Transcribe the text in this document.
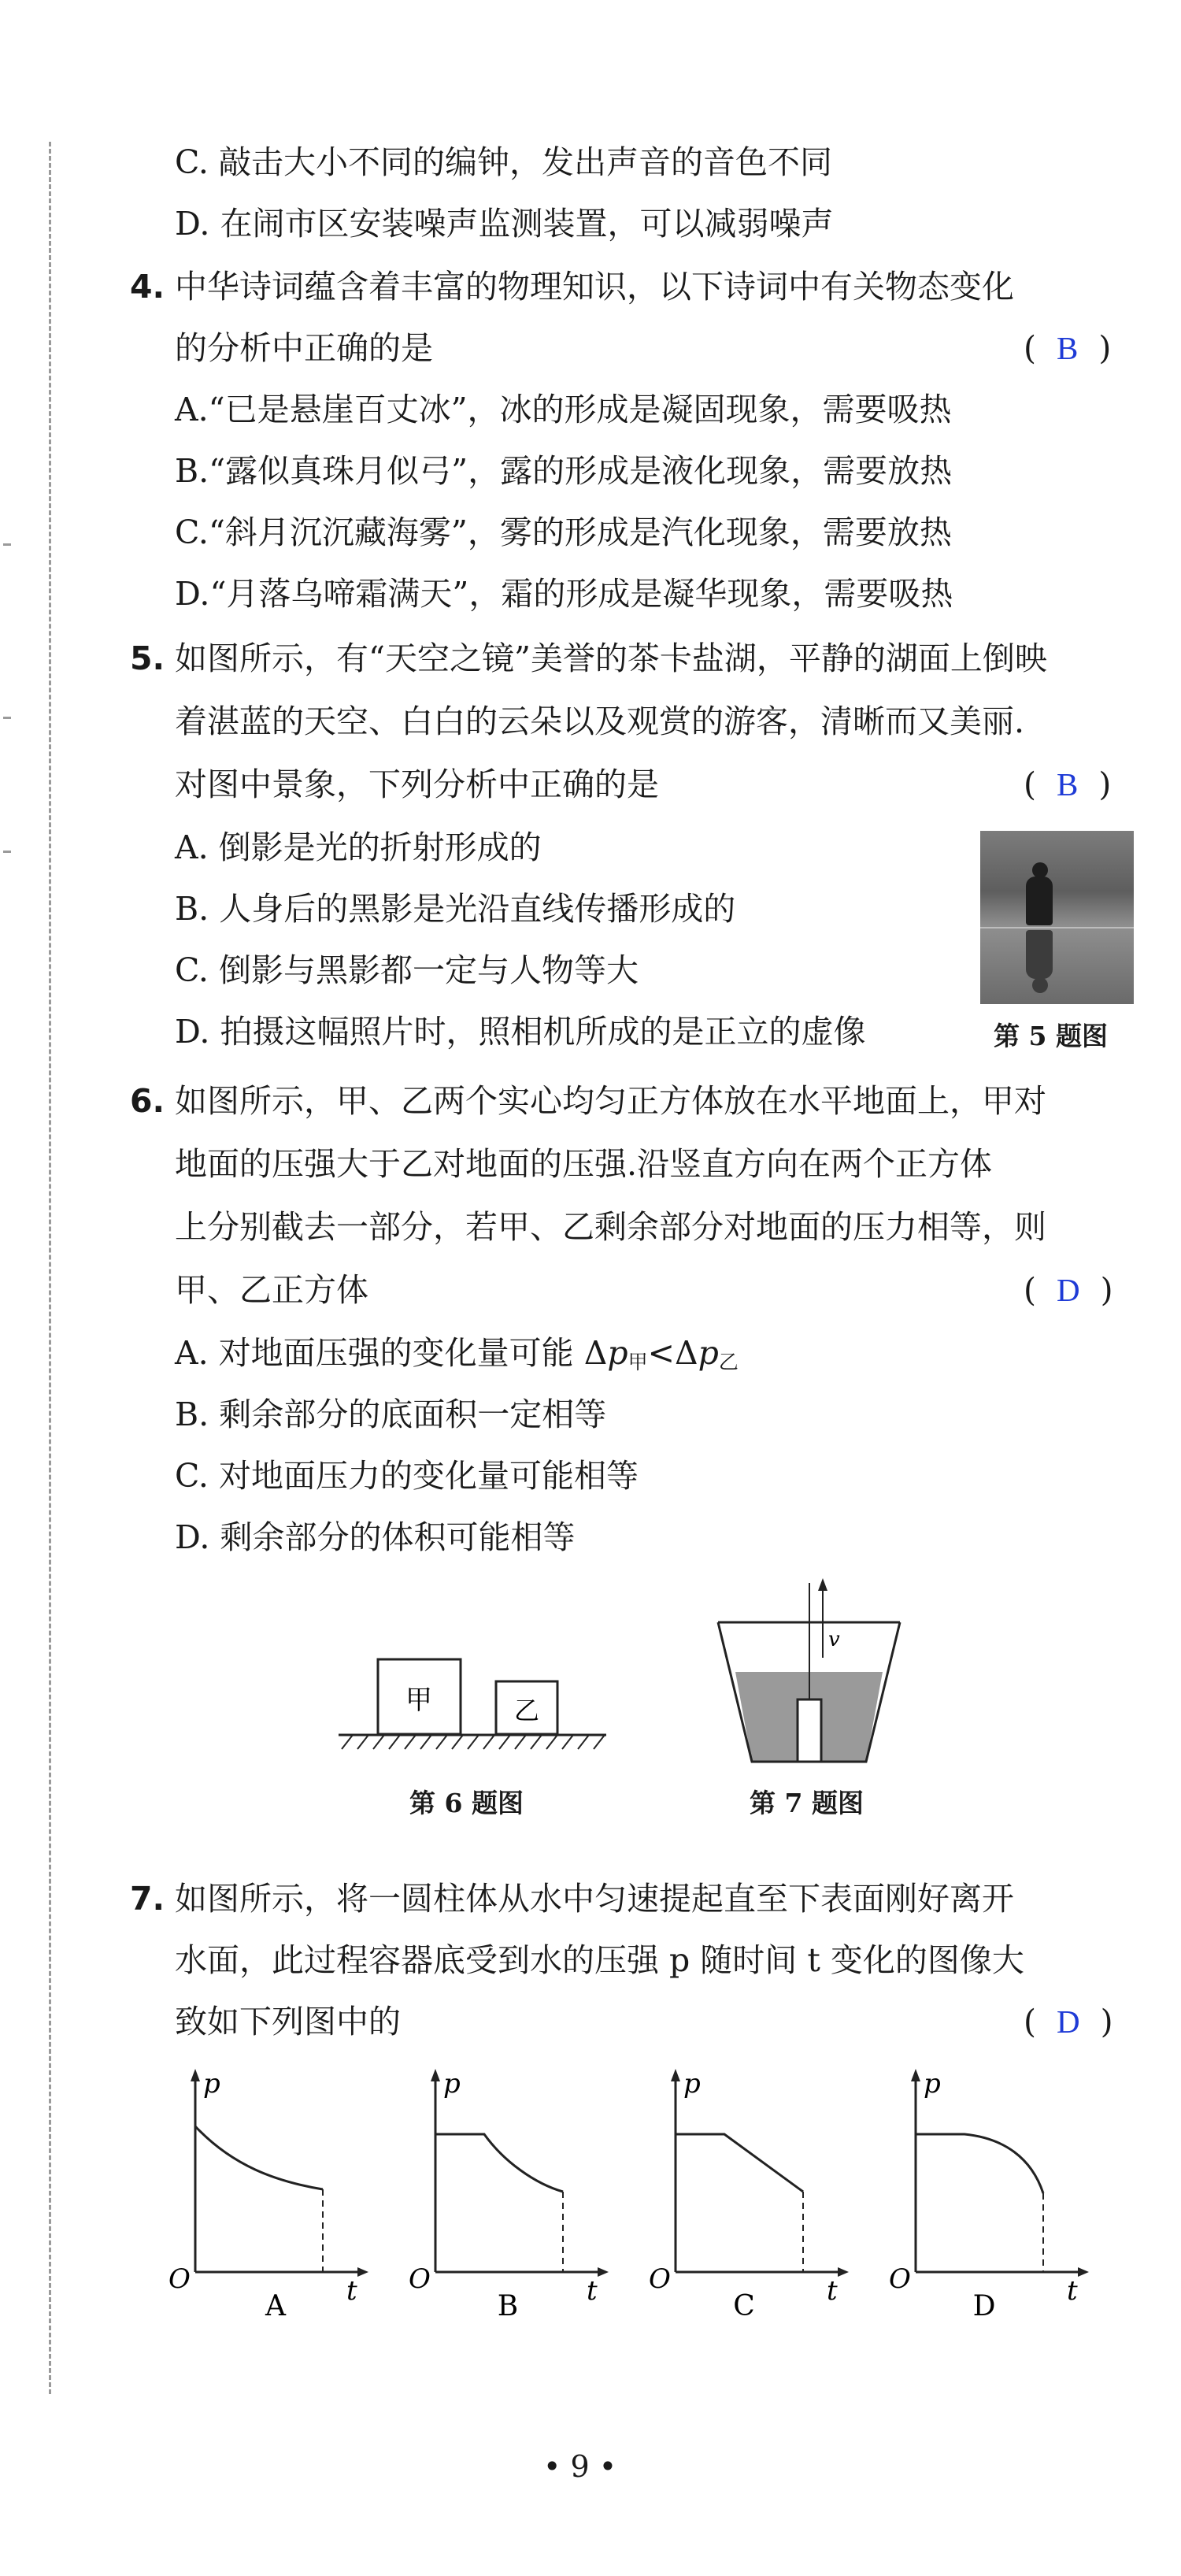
C. 敲击大小不同的编钟，发出声音的音色不同
D. 在闹市区安装噪声监测装置，可以减弱噪声
4. 中华诗词蕴含着丰富的物理知识，以下诗词中有关物态变化
的分析中正确的是	( B )
A.“已是悬崖百丈冰”，冰的形成是凝固现象，需要吸热
B.“露似真珠月似弓”，露的形成是液化现象，需要放热
C.“斜月沉沉藏海雾”，雾的形成是汽化现象，需要放热
D.“月落乌啼霜满天”，霜的形成是凝华现象，需要吸热
5. 如图所示，有“天空之镜”美誉的茶卡盐湖，平静的湖面上倒映
着湛蓝的天空、白白的云朵以及观赏的游客，清晰而又美丽.
对图中景象，下列分析中正确的是	( B )
A. 倒影是光的折射形成的
B. 人身后的黑影是光沿直线传播形成的
C. 倒影与黑影都一定与人物等大
D. 拍摄这幅照片时，照相机所成的是正立的虚像	第 5 题图
6. 如图所示，甲、乙两个实心均匀正方体放在水平地面上，甲对
地面的压强大于乙对地面的压强.沿竖直方向在两个正方体
上分别截去一部分，若甲、乙剩余部分对地面的压力相等，则
甲、乙正方体	( D )
A. 对地面压强的变化量可能 $\Delta p_甲<\Delta p_乙$
B. 剩余部分的底面积一定相等
C. 对地面压力的变化量可能相等
D. 剩余部分的体积可能相等
甲	乙
第 6 题图
v
第 7 题图
7. 如图所示，将一圆柱体从水中匀速提起直至下表面刚好离开
水面，此过程容器底受到水的压强 p 随时间 t 变化的图像大
致如下列图中的	( D )
p
t
O
A
p
t
O
B
p
t
O
C
p
t
O
D
• 9 •
